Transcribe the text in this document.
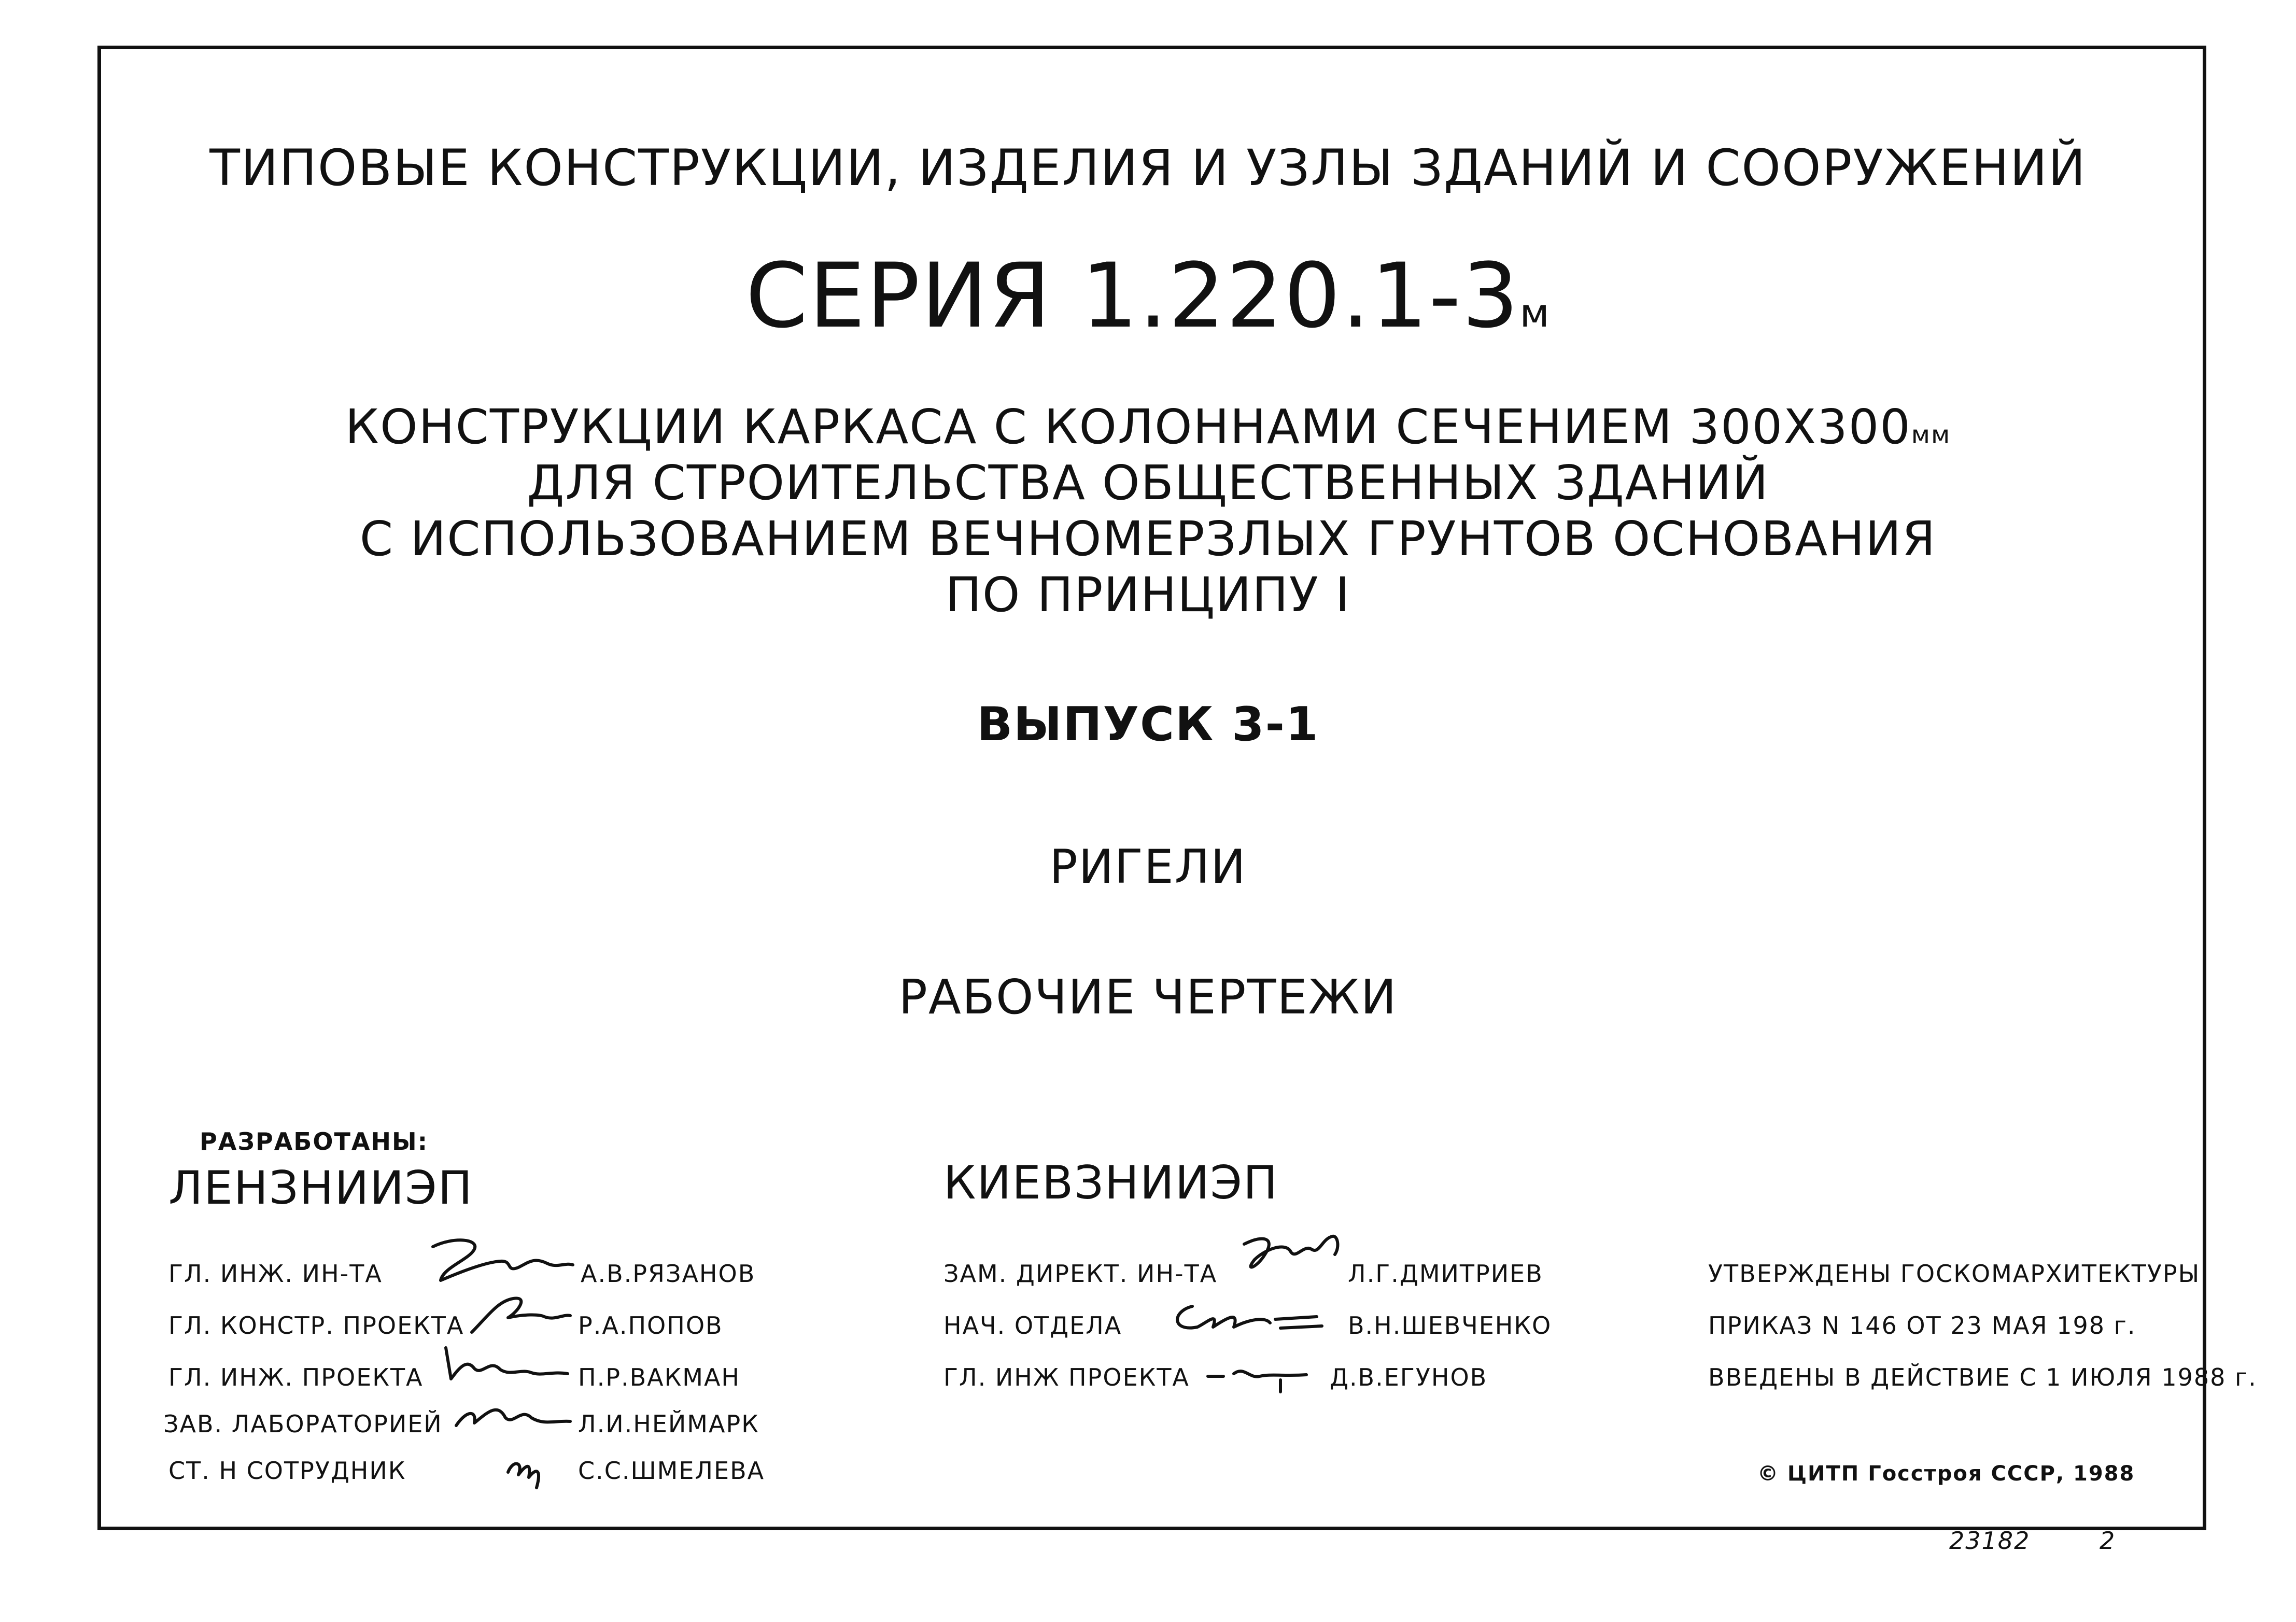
ТИПОВЫЕ КОНСТРУКЦИИ, ИЗДЕЛИЯ И УЗЛЫ ЗДАНИЙ И СООРУЖЕНИЙ
СЕРИЯ 1.220.1-3м
КОНСТРУКЦИИ КАРКАСА С КОЛОННАМИ СЕЧЕНИЕМ 300Х300мм
ДЛЯ СТРОИТЕЛЬСТВА ОБЩЕСТВЕННЫХ ЗДАНИЙ
С ИСПОЛЬЗОВАНИЕМ ВЕЧНОМЕРЗЛЫХ ГРУНТОВ ОСНОВАНИЯ
ПО ПРИНЦИПУ I
ВЫПУСК 3-1
РИГЕЛИ
РАБОЧИЕ ЧЕРТЕЖИ
РАЗРАБОТАНЫ:
ЛЕНЗНИИЭП	КИЕВЗНИИЭП
ГЛ. ИНЖ. ИН-ТА
ГЛ. КОНСТР. ПРОЕКТА
ГЛ. ИНЖ. ПРОЕКТА
ЗАВ. ЛАБОРАТОРИЕЙ
СТ. Н СОТРУДНИК
А.В.РЯЗАНОВ
Р.А.ПОПОВ
П.Р.ВАКМАН
Л.И.НЕЙМАРК
С.С.ШМЕЛЕВА
ЗАМ. ДИРЕКТ. ИН-ТА
НАЧ. ОТДЕЛА
ГЛ. ИНЖ ПРОЕКТА
Л.Г.ДМИТРИЕВ
В.Н.ШЕВЧЕНКО
Д.В.ЕГУНОВ
УТВЕРЖДЕНЫ ГОСКОМАРХИТЕКТУРЫ
ПРИКАЗ N 146 ОТ 23 МАЯ 198 г.
ВВЕДЕНЫ В ДЕЙСТВИЕ С 1 ИЮЛЯ 1988 г.
© ЦИТП Госстроя СССР, 1988
23182	2
